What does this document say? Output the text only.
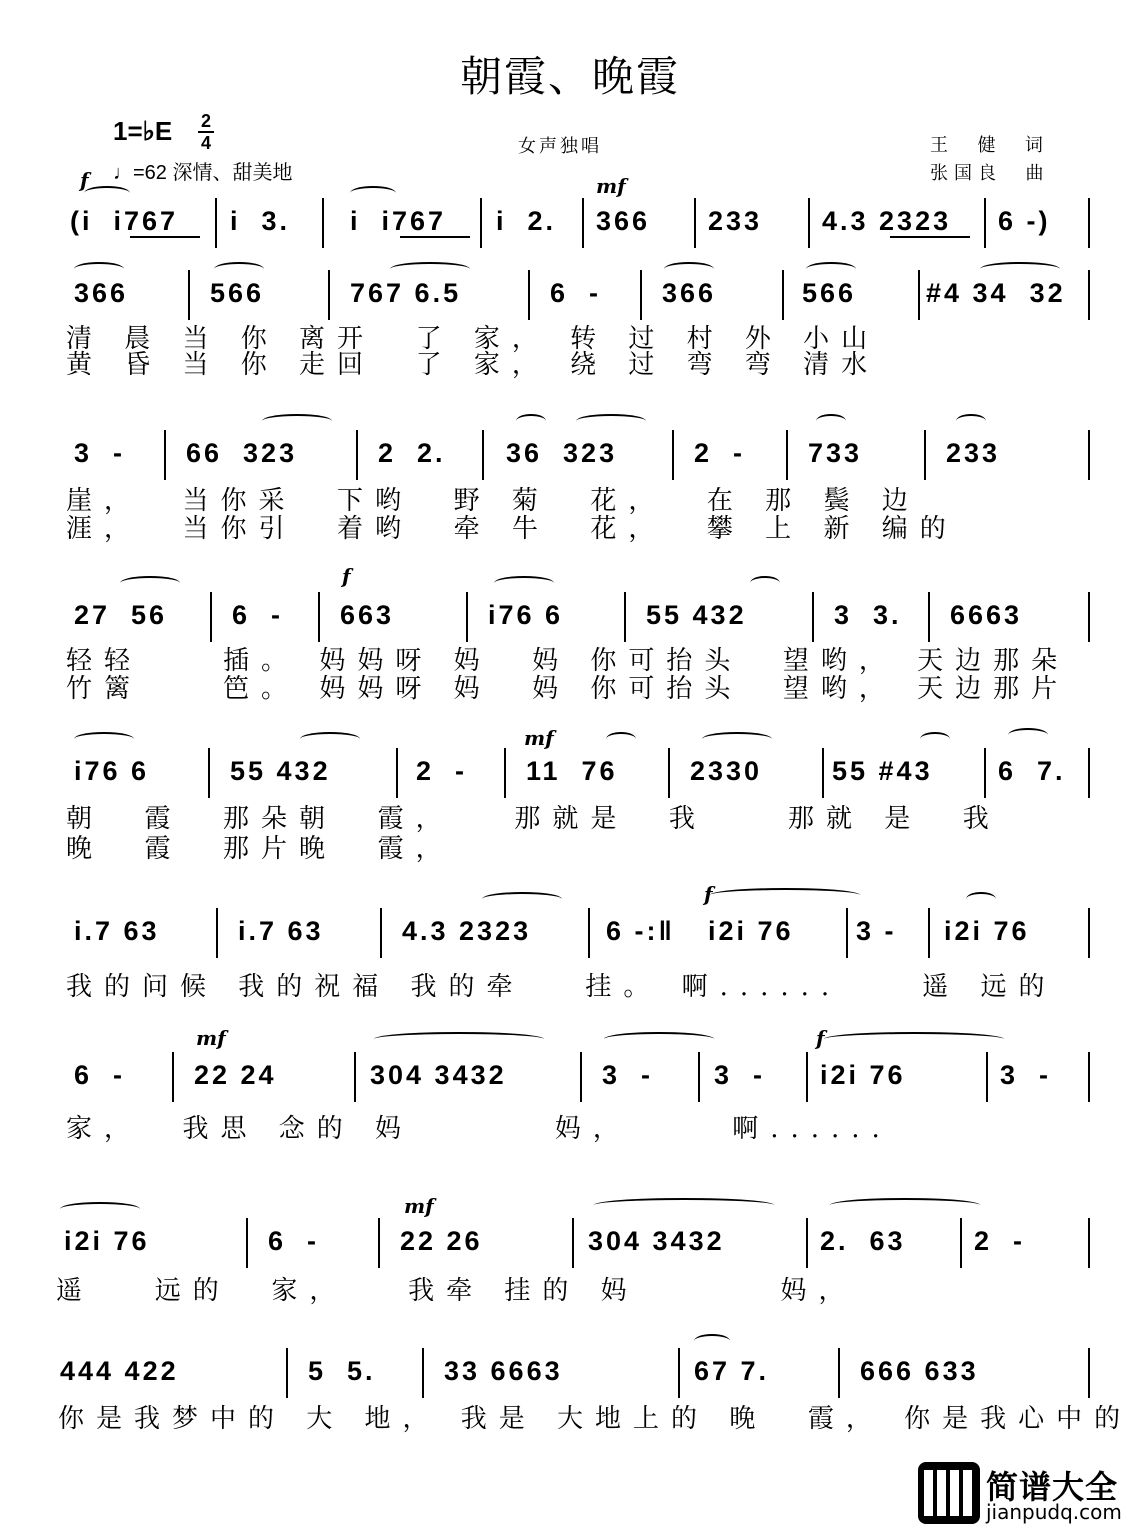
朝霞、晚霞
1=♭E 2
4
♩=62 深情、甜美地
女声独唱	王  健  词
张国良  曲
(i  i767 i  3. i  i767 i  2. 366 233 4.3 2323 6 -)
f	mf
366	566	767 6.5	6  - 366	566	#4 34  32
清 晨 当 你 离开  了 家， 转 过 村 外 小山
黄 昏 当 你 走回  了 家， 绕 过 弯 弯 清水
3  - 66  323	2  2. 36  323	2  - 733	233
崖，  当你采  下哟  野 菊  花，  在 那 鬓 边
涯，  当你引  着哟  牵 牛  花，  攀 上 新 编的
27  56 6  - 663	i76 6	55 432	3  3. 6663
f
轻轻    插。 妈妈呀 妈  妈 你可抬头  望哟， 天边那朵
竹篱    笆。 妈妈呀 妈  妈 你可抬头  望哟， 天边那片
i76 6	55 432	2  - 11  76	2330	55 #43 6  7.
mf
朝  霞  那朵朝  霞，   那就是  我    那就 是  我
晚  霞  那片晚  霞，
i.7 63	i.7 63	4.3 2323	6 -:‖ i2i 76 3 - i2i 76
f
我的问候 我的祝福 我的牵   挂。 啊......    遥 远的
6  -	22 24	304 3432	3  - 3  - i2i 76	3  -
mf	f
家，  我思 念的 妈       妈，     啊......
i2i 76	6  -	22 26	304 3432	2.  63	2  -
mf
遥   远的  家，   我牵 挂的 妈       妈，
444 422	5  5.	33 6663	67 7.	666 633
你是我梦中的 大 地， 我是 大地上的 晚  霞， 你是我心中的
简谱大全
jianpudq.com
